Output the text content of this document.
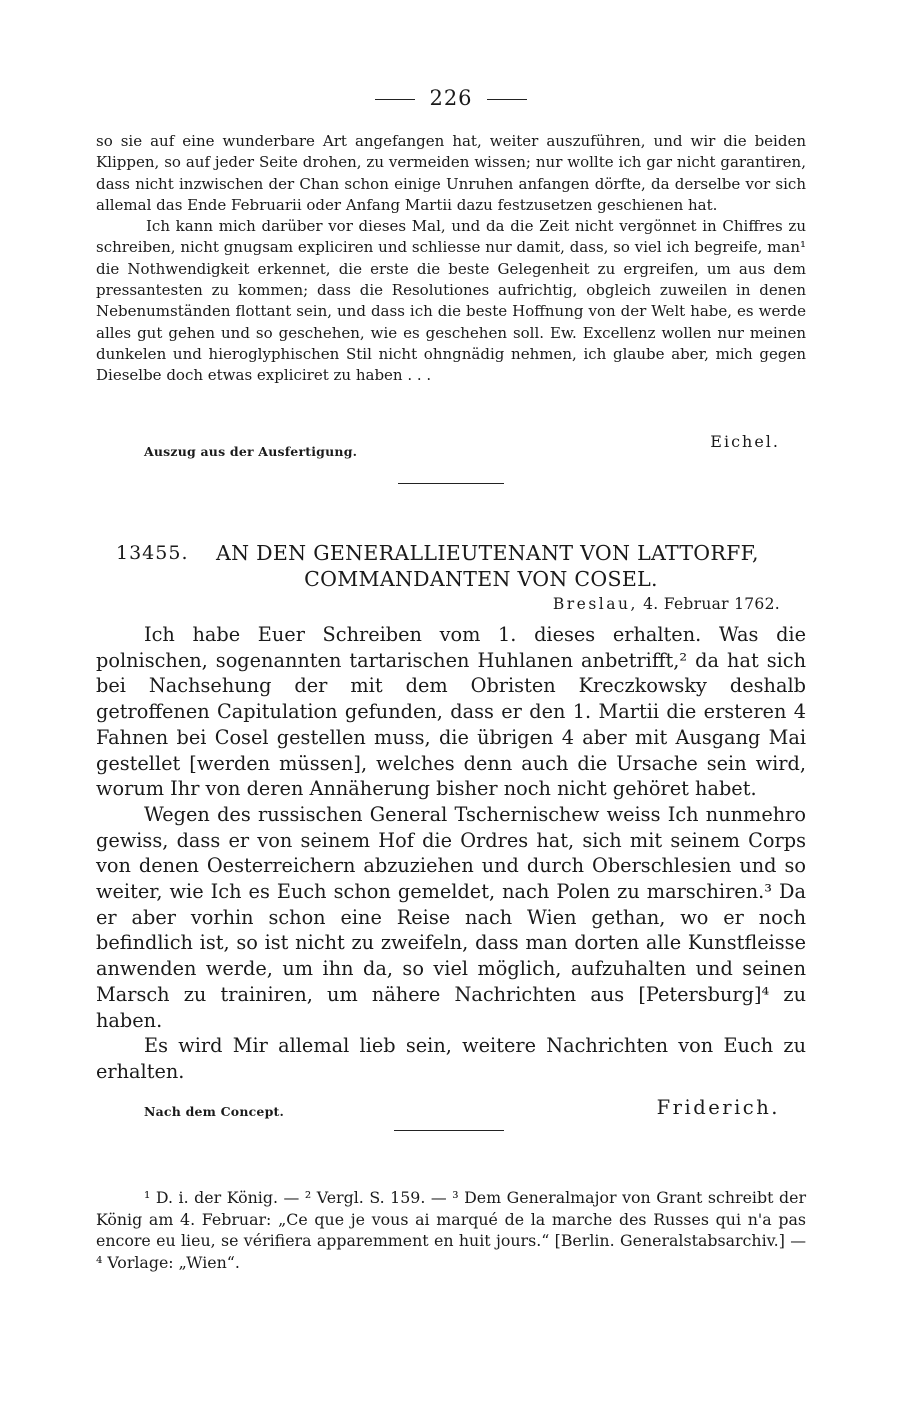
226

so sie auf eine wunderbare Art angefangen hat, weiter auszuführen, und wir die beiden Klippen, so auf jeder Seite drohen, zu vermeiden wissen; nur wollte ich gar nicht garantiren, dass nicht inzwischen der Chan schon einige Unruhen anfangen dörfte, da derselbe vor sich allemal das Ende Februarii oder Anfang Martii dazu festzusetzen geschienen hat.

Ich kann mich darüber vor dieses Mal, und da die Zeit nicht vergönnet in Chiffres zu schreiben, nicht gnugsam expliciren und schliesse nur damit, dass, so viel ich begreife, man¹ die Nothwendigkeit erkennet, die erste die beste Gelegenheit zu ergreifen, um aus dem pressantesten zu kommen; dass die Resolutiones aufrichtig, obgleich zuweilen in denen Nebenumständen flottant sein, und dass ich die beste Hoffnung von der Welt habe, es werde alles gut gehen und so geschehen, wie es geschehen soll. Ew. Excellenz wollen nur meinen dunkelen und hieroglyphischen Stil nicht ohngnädig nehmen, ich glaube aber, mich gegen Dieselbe doch etwas expliciret zu haben . . .

Auszug aus der Ausfertigung.
Eichel.
13455. AN DEN GENERALLIEUTENANT VON LATTORFF,
COMMANDANTEN VON COSEL.
Breslau, 4. Februar 1762.

Ich habe Euer Schreiben vom 1. dieses erhalten. Was die polnischen, sogenannten tartarischen Huhlanen anbetrifft,² da hat sich bei Nachsehung der mit dem Obristen Kreczkowsky deshalb getroffenen Capitulation gefunden, dass er den 1. Martii die ersteren 4 Fahnen bei Cosel gestellen muss, die übrigen 4 aber mit Ausgang Mai gestellet [werden müssen], welches denn auch die Ursache sein wird, worum Ihr von deren Annäherung bisher noch nicht gehöret habet.

Wegen des russischen General Tschernischew weiss Ich nunmehro gewiss, dass er von seinem Hof die Ordres hat, sich mit seinem Corps von denen Oesterreichern abzuziehen und durch Oberschlesien und so weiter, wie Ich es Euch schon gemeldet, nach Polen zu marschiren.³ Da er aber vorhin schon eine Reise nach Wien gethan, wo er noch befindlich ist, so ist nicht zu zweifeln, dass man dorten alle Kunstfleisse anwenden werde, um ihn da, so viel möglich, aufzuhalten und seinen Marsch zu trainiren, um nähere Nachrichten aus [Petersburg]⁴ zu haben.

Es wird Mir allemal lieb sein, weitere Nachrichten von Euch zu erhalten.

Nach dem Concept.	Friderich.

¹ D. i. der König. — ² Vergl. S. 159. — ³ Dem Generalmajor von Grant schreibt der König am 4. Februar: „Ce que je vous ai marqué de la marche des Russes qui n'a pas encore eu lieu, se vérifiera apparemment en huit jours.“ [Berlin. Generalstabsarchiv.] — ⁴ Vorlage: „Wien“.
